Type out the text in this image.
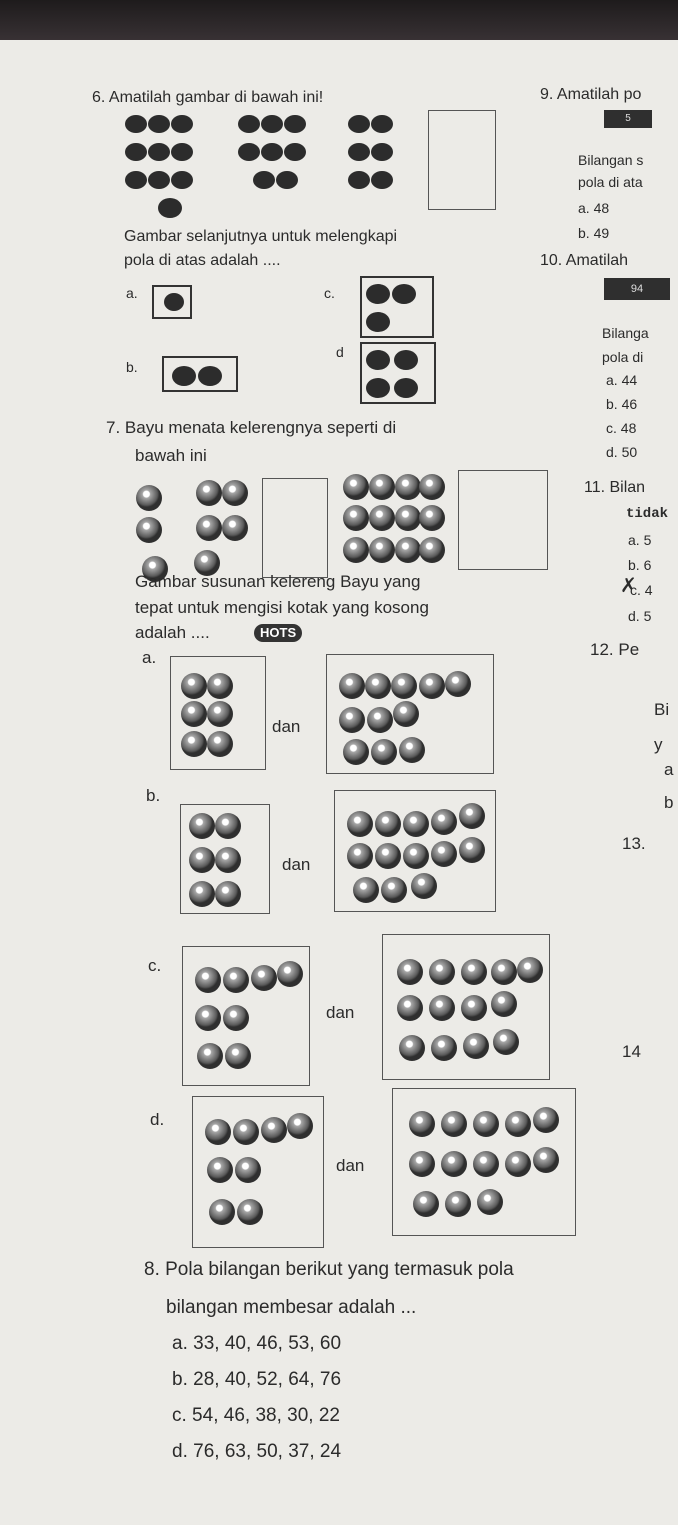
6. Amatilah gambar di bawah ini!
Gambar selanjutnya untuk melengkapi
pola di atas adalah ....
a.
b.
c.
d
7. Bayu menata kelerengnya seperti di
bawah ini
Gambar susunan kelereng Bayu yang
tepat untuk mengisi kotak yang kosong
adalah ....	HOTS
a.
dan
b.
dan
c.
dan
d.
dan
8. Pola bilangan berikut yang termasuk pola
bilangan membesar adalah ...
a. 33, 40, 46, 53, 60
b. 28, 40, 52, 64, 76
c. 54, 46, 38, 30, 22
d. 76, 63, 50, 37, 24
9. Amatilah po
5
Bilangan s
pola di ata
a. 48
b. 49
10. Amatilah
94
Bilanga
pola di
a. 44
b. 46
c. 48
d. 50
11. Bilan
tidak
a. 5
b. 6
✗
c. 4
d. 5
12. Pe
Bi
y
a
b
13.
14
